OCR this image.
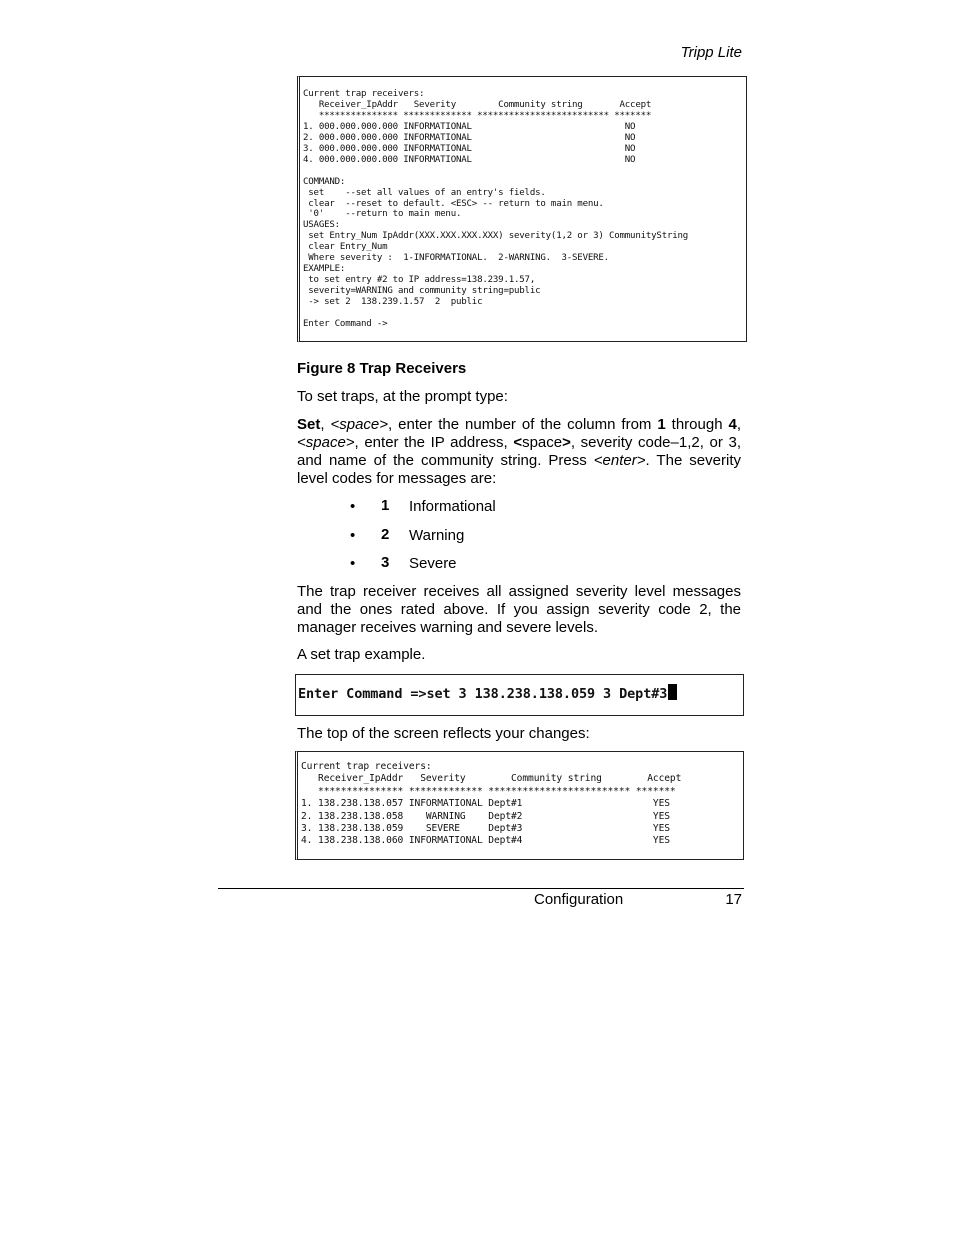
Tripp Lite
Current trap receivers:
Receiver_IpAddr   Severity        Community string       Accept
*************** ************* ************************* *******
1. 000.000.000.000 INFORMATIONAL                             NO
2. 000.000.000.000 INFORMATIONAL                             NO
3. 000.000.000.000 INFORMATIONAL                             NO
4. 000.000.000.000 INFORMATIONAL                             NO

COMMAND:
set    --set all values of an entry's fields.
clear  --reset to default. <ESC> -- return to main menu.
'0'    --return to main menu.
USAGES:
set Entry_Num IpAddr(XXX.XXX.XXX.XXX) severity(1,2 or 3) CommunityString
clear Entry_Num
Where severity :  1-INFORMATIONAL.  2-WARNING.  3-SEVERE.
EXAMPLE:
to set entry #2 to IP address=138.239.1.57,
severity=WARNING and community string=public
-> set 2  138.239.1.57  2  public

Enter Command ->
Figure 8 Trap Receivers

To set traps, at the prompt type:

Set, <space>, enter the number of the column from 1 through 4, <space>, enter the IP address, <space>, severity code–1,2, or 3, and name of the community string. Press <enter>. The severity level codes for messages are:

• 1 Informational
• 2 Warning
• 3 Severe

The trap receiver receives all assigned severity level messages and the ones rated above. If you assign severity code 2, the manager receives warning and severe levels.

A set trap example.

Enter Command =>set 3 138.238.138.059 3 Dept#3

The top of the screen reflects your changes:

Current trap receivers:
Receiver_IpAddr   Severity        Community string        Accept
*************** ************* ************************* *******
1. 138.238.138.057 INFORMATIONAL Dept#1                       YES
2. 138.238.138.058    WARNING    Dept#2                       YES
3. 138.238.138.059    SEVERE     Dept#3                       YES
4. 138.238.138.060 INFORMATIONAL Dept#4                       YES
Configuration	17
